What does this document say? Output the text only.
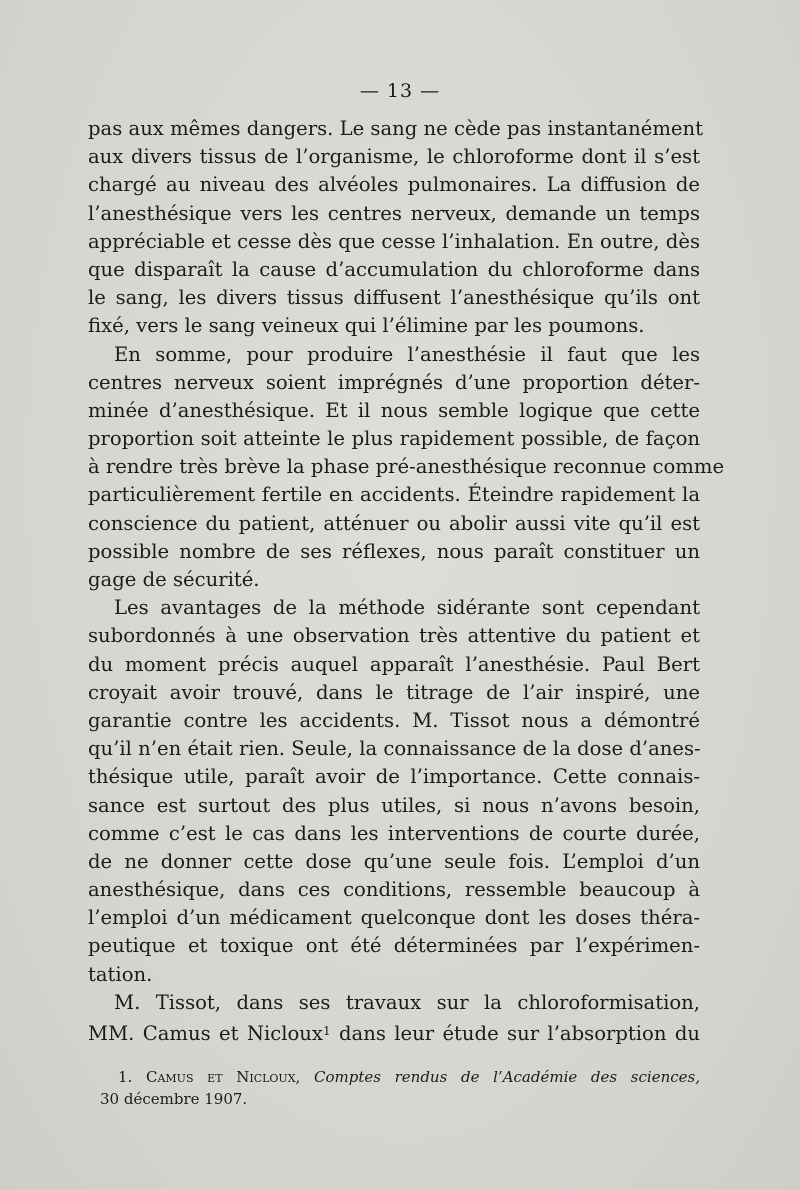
— 13 —
pas aux mêmes dangers. Le sang ne cède pas instantanément
aux divers tissus de l’organisme, le chloroforme dont il s’est
chargé au niveau des alvéoles pulmonaires. La diffusion de
l’anesthésique vers les centres nerveux, demande un temps
appréciable et cesse dès que cesse l’inhalation. En outre, dès
que disparaît la cause d’accumulation du chloroforme dans
le sang, les divers tissus diffusent l’anesthésique qu’ils ont
fixé, vers le sang veineux qui l’élimine par les poumons.
En somme, pour produire l’anesthésie il faut que les
centres nerveux soient imprégnés d’une proportion déter-
minée d’anesthésique. Et il nous semble logique que cette
proportion soit atteinte le plus rapidement possible, de façon
à rendre très brève la phase pré-anesthésique reconnue comme
particulièrement fertile en accidents. Éteindre rapidement la
conscience du patient, atténuer ou abolir aussi vite qu’il est
possible nombre de ses réflexes, nous paraît constituer un
gage de sécurité.
Les avantages de la méthode sidérante sont cependant
subordonnés à une observation très attentive du patient et
du moment précis auquel apparaît l’anesthésie. Paul Bert
croyait avoir trouvé, dans le titrage de l’air inspiré, une
garantie contre les accidents. M. Tissot nous a démontré
qu’il n’en était rien. Seule, la connaissance de la dose d’anes-
thésique utile, paraît avoir de l’importance. Cette connais-
sance est surtout des plus utiles, si nous n’avons besoin,
comme c’est le cas dans les interventions de courte durée,
de ne donner cette dose qu’une seule fois. L’emploi d’un
anesthésique, dans ces conditions, ressemble beaucoup à
l’emploi d’un médicament quelconque dont les doses théra-
peutique et toxique ont été déterminées par l’expérimen-
tation.
M. Tissot, dans ses travaux sur la chloroformisation,
MM. Camus et Nicloux$^1$ dans leur étude sur l’absorption du
1. Camus et Nicloux, Comptes rendus de l’Académie des sciences,
30 décembre 1907.
